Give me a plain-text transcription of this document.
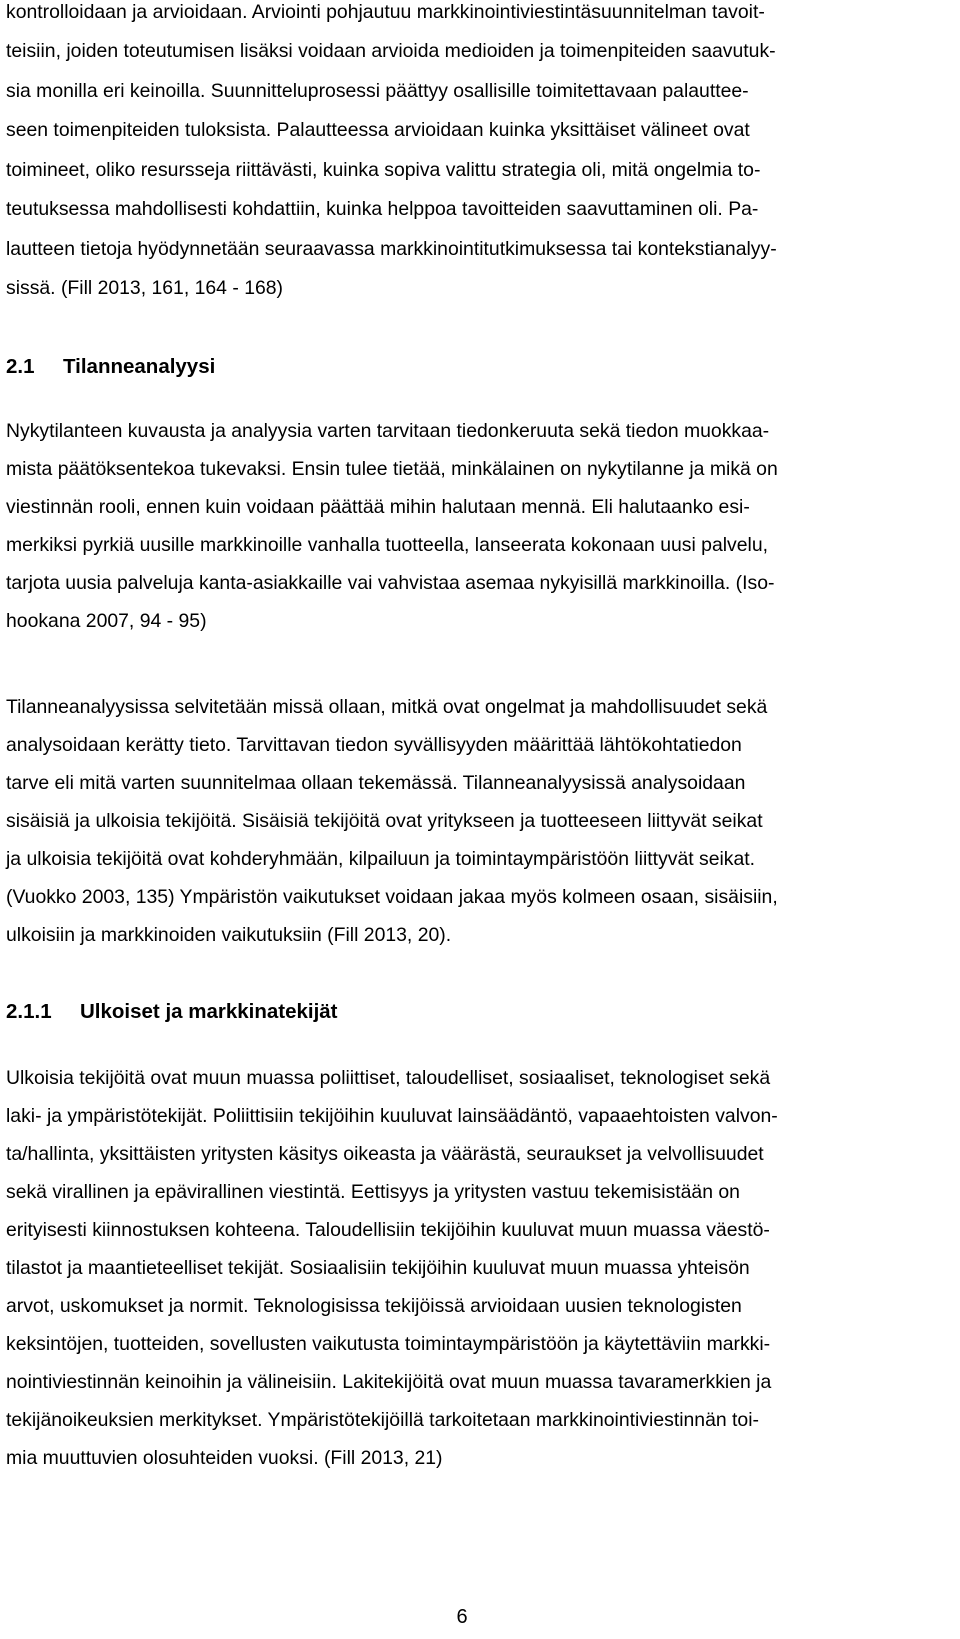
kontrolloidaan ja arvioidaan. Arviointi pohjautuu markkinointiviestintäsuunnitelman tavoit-

teisiin, joiden toteutumisen lisäksi voidaan arvioida medioiden ja toimenpiteiden saavutuk-

sia monilla eri keinoilla. Suunnitteluprosessi päättyy osallisille toimitettavaan palauttee-

seen toimenpiteiden tuloksista. Palautteessa arvioidaan kuinka yksittäiset välineet ovat

toimineet, oliko resursseja riittävästi, kuinka sopiva valittu strategia oli, mitä ongelmia to-

teutuksessa mahdollisesti kohdattiin, kuinka helppoa tavoitteiden saavuttaminen oli. Pa-

lautteen tietoja hyödynnetään seuraavassa markkinointitutkimuksessa tai kontekstianalyy-

sissä. (Fill 2013, 161, 164 - 168)

2.1 Tilanneanalyysi

Nykytilanteen kuvausta ja analyysia varten tarvitaan tiedonkeruuta sekä tiedon muokkaa-

mista päätöksentekoa tukevaksi. Ensin tulee tietää, minkälainen on nykytilanne ja mikä on

viestinnän rooli, ennen kuin voidaan päättää mihin halutaan mennä. Eli halutaanko esi-

merkiksi pyrkiä uusille markkinoille vanhalla tuotteella, lanseerata kokonaan uusi palvelu,

tarjota uusia palveluja kanta-asiakkaille vai vahvistaa asemaa nykyisillä markkinoilla. (Iso-

hookana 2007, 94 - 95)

Tilanneanalyysissa selvitetään missä ollaan, mitkä ovat ongelmat ja mahdollisuudet sekä

analysoidaan kerätty tieto. Tarvittavan tiedon syvällisyyden määrittää lähtökohtatiedon

tarve eli mitä varten suunnitelmaa ollaan tekemässä. Tilanneanalyysissä analysoidaan

sisäisiä ja ulkoisia tekijöitä. Sisäisiä tekijöitä ovat yritykseen ja tuotteeseen liittyvät seikat

ja ulkoisia tekijöitä ovat kohderyhmään, kilpailuun ja toimintaympäristöön liittyvät seikat.

(Vuokko 2003, 135) Ympäristön vaikutukset voidaan jakaa myös kolmeen osaan, sisäisiin,

ulkoisiin ja markkinoiden vaikutuksiin (Fill 2013, 20).

2.1.1 Ulkoiset ja markkinatekijät

Ulkoisia tekijöitä ovat muun muassa poliittiset, taloudelliset, sosiaaliset, teknologiset sekä

laki- ja ympäristötekijät. Poliittisiin tekijöihin kuuluvat lainsäädäntö, vapaaehtoisten valvon-

ta/hallinta, yksittäisten yritysten käsitys oikeasta ja väärästä, seuraukset ja velvollisuudet

sekä virallinen ja epävirallinen viestintä. Eettisyys ja yritysten vastuu tekemisistään on

erityisesti kiinnostuksen kohteena. Taloudellisiin tekijöihin kuuluvat muun muassa väestö-

tilastot ja maantieteelliset tekijät. Sosiaalisiin tekijöihin kuuluvat muun muassa yhteisön

arvot, uskomukset ja normit. Teknologisissa tekijöissä arvioidaan uusien teknologisten

keksintöjen, tuotteiden, sovellusten vaikutusta toimintaympäristöön ja käytettäviin markki-

nointiviestinnän keinoihin ja välineisiin. Lakitekijöitä ovat muun muassa tavaramerkkien ja

tekijänoikeuksien merkitykset. Ympäristötekijöillä tarkoitetaan markkinointiviestinnän toi-

mia muuttuvien olosuhteiden vuoksi. (Fill 2013, 21)

6
